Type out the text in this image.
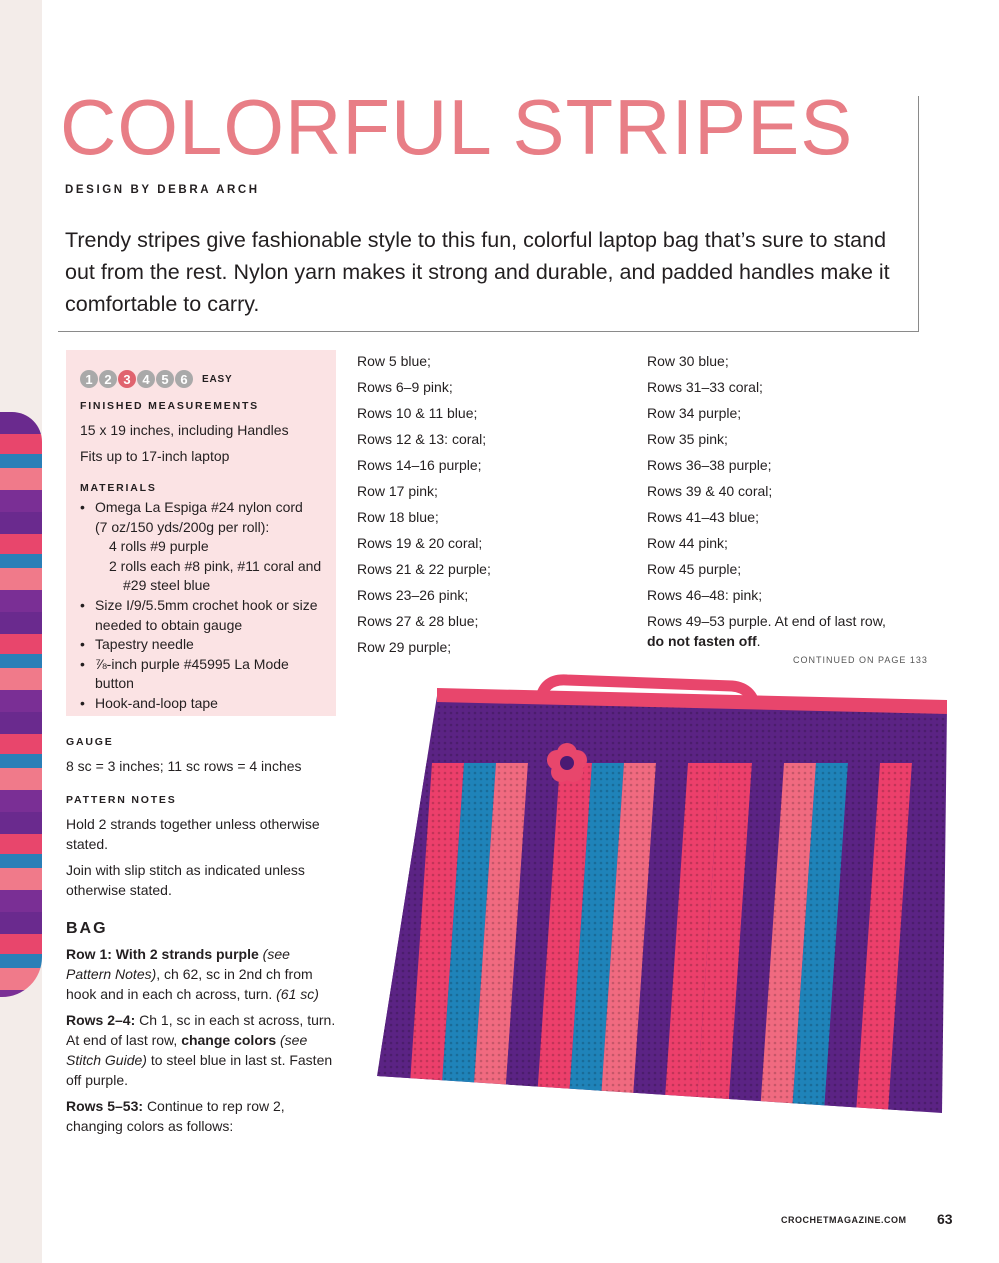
COLORFUL STRIPES
DESIGN BY DEBRA ARCH

Trendy stripes give fashionable style to this fun, colorful laptop bag that’s sure to stand out from the rest. Nylon yarn makes it strong and durable, and padded handles make it comfortable to carry.

1 2 3 4 5 6	EASY
FINISHED MEASUREMENTS

15 x 19 inches, including Handles

Fits up to 17-inch laptop

MATERIALS
• Omega La Espiga #24 nylon cord
(7 oz/150 yds/200g per roll):

4 rolls #9 purple
2 rolls each #8 pink, #11 coral and
#29 steel blue
• Size I/9/5.5mm crochet hook or size
needed to obtain gauge
• Tapestry needle
• ⅞-inch purple #45995 La Mode button
• Hook-and-loop tape
GAUGE

8 sc = 3 inches; 11 sc rows = 4 inches

PATTERN NOTES

Hold 2 strands together unless otherwise stated.

Join with slip stitch as indicated unless otherwise stated.

BAG

Row 1: With 2 strands purple (see Pattern Notes), ch 62, sc in 2nd ch from hook and in each ch across, turn. (61 sc)

Rows 2–4: Ch 1, sc in each st across, turn. At end of last row, change colors (see Stitch Guide) to steel blue in last st. Fasten off purple.

Rows 5–53: Continue to rep row 2, changing colors as follows:

Row 5 blue;

Rows 6–9 pink;

Rows 10 & 11 blue;

Rows 12 & 13: coral;

Rows 14–16 purple;

Row 17 pink;

Row 18 blue;

Rows 19 & 20 coral;

Rows 21 & 22 purple;

Rows 23–26 pink;

Rows 27 & 28 blue;

Row 29 purple;

Row 30 blue;

Rows 31–33 coral;

Row 34 purple;

Row 35 pink;

Rows 36–38 purple;

Rows 39 & 40 coral;

Rows 41–43 blue;

Row 44 pink;

Row 45 purple;

Rows 46–48: pink;

Rows 49–53 purple. At end of last row,

do not fasten off.

CONTINUED ON PAGE 133
CROCHETMAGAZINE.COM 63
